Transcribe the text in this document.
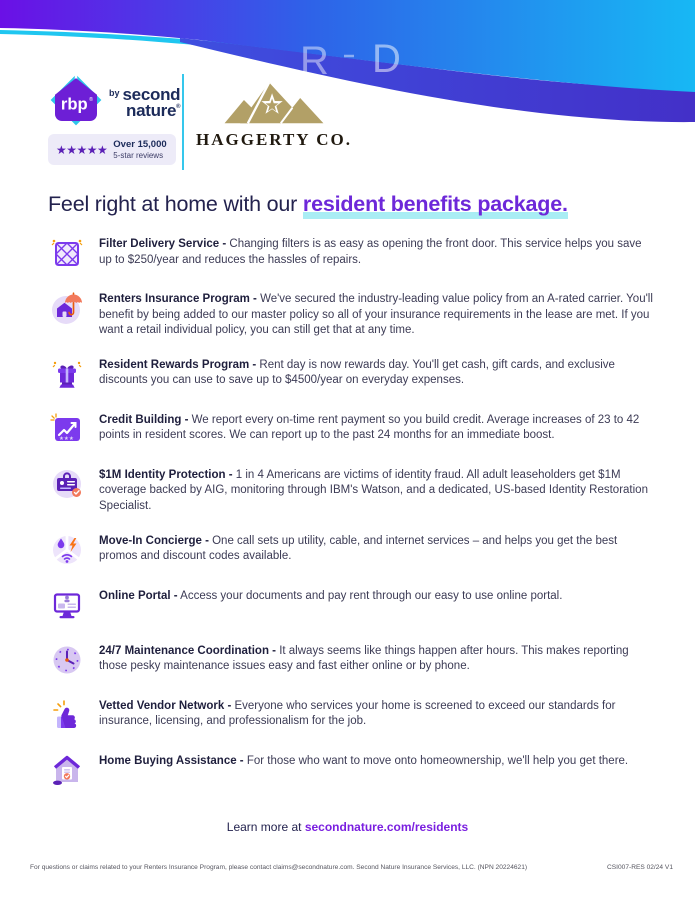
R D
rbp ®
$^{by}$ second
nature®
★★★★★ Over 15,000
5-star reviews
HAGGERTY CO.
Feel right at home with our resident benefits package.

Filter Delivery Service - Changing filters is as easy as opening the front door. This service helps you save up to $250/year and reduces the hassles of repairs.

Renters Insurance Program - We've secured the industry-leading value policy from an A-rated carrier. You'll benefit by being added to our master policy so all of your insurance requirements in the lease are met. If you want a retail individual policy, you can still get that at any time.

Resident Rewards Program - Rent day is now rewards day. You'll get cash, gift cards, and exclusive discounts you can use to save up to $4500/year on everyday expenses.

★★★

Credit Building - We report every on-time rent payment so you build credit. Average increases of 23 to 42 points in resident scores. We can report up to the past 24 months for an immediate boost.

$1M Identity Protection - 1 in 4 Americans are victims of identity fraud. All adult leaseholders get $1M coverage backed by AIG, monitoring through IBM's Watson, and a dedicated, US-based Identity Restoration Specialist.

Move-In Concierge - One call sets up utility, cable, and internet services – and helps you get the best promos and discount codes available.

Online Portal - Access your documents and pay rent through our easy to use online portal.

24/7 Maintenance Coordination - It always seems like things happen after hours. This makes reporting those pesky maintenance issues easy and fast either online or by phone.

Vetted Vendor Network - Everyone who services your home is screened to exceed our standards for insurance, licensing, and professionalism for the job.

Home Buying Assistance - For those who want to move onto homeownership, we'll help you get there.

Learn more at secondnature.com/residents
For questions or claims related to your Renters Insurance Program, please contact claims@secondnature.com. Second Nature Insurance Services, LLC. (NPN 20224621)	CSI007-RES 02/24 V1
